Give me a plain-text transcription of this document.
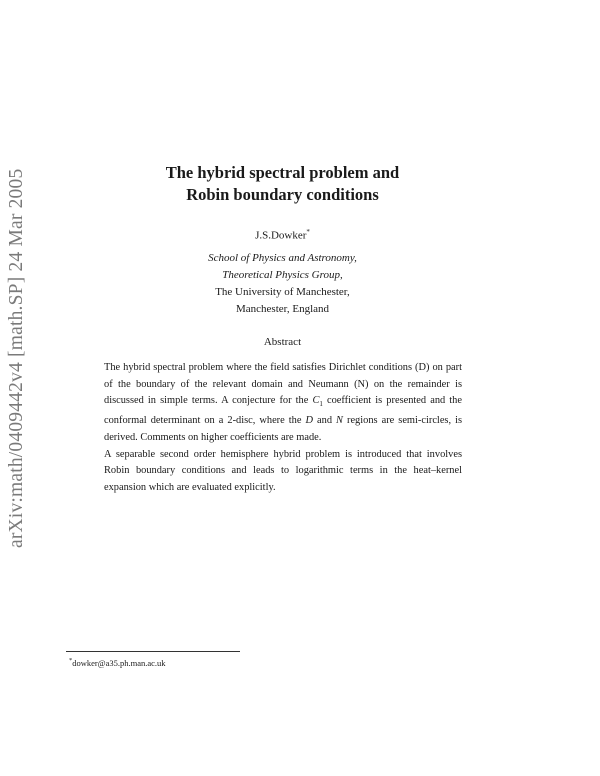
arXiv:math/0409442v4 [math.SP] 24 Mar 2005	The hybrid spectral problem and
Robin boundary conditions
J.S.Dowker*
School of Physics and Astronomy,
Theoretical Physics Group,
The University of Manchester,
Manchester, England
Abstract

The hybrid spectral problem where the field satisfies Dirichlet conditions (D) on part of the boundary of the relevant domain and Neumann (N) on the remainder is discussed in simple terms. A conjecture for the $C_1$ coefficient is presented and the conformal determinant on a 2-disc, where the D and N regions are semi-circles, is derived. Comments on higher coefficients are made.

A separable second order hemisphere hybrid problem is introduced that involves Robin boundary conditions and leads to logarithmic terms in the heat–kernel expansion which are evaluated explicitly.

*dowker@a35.ph.man.ac.uk
